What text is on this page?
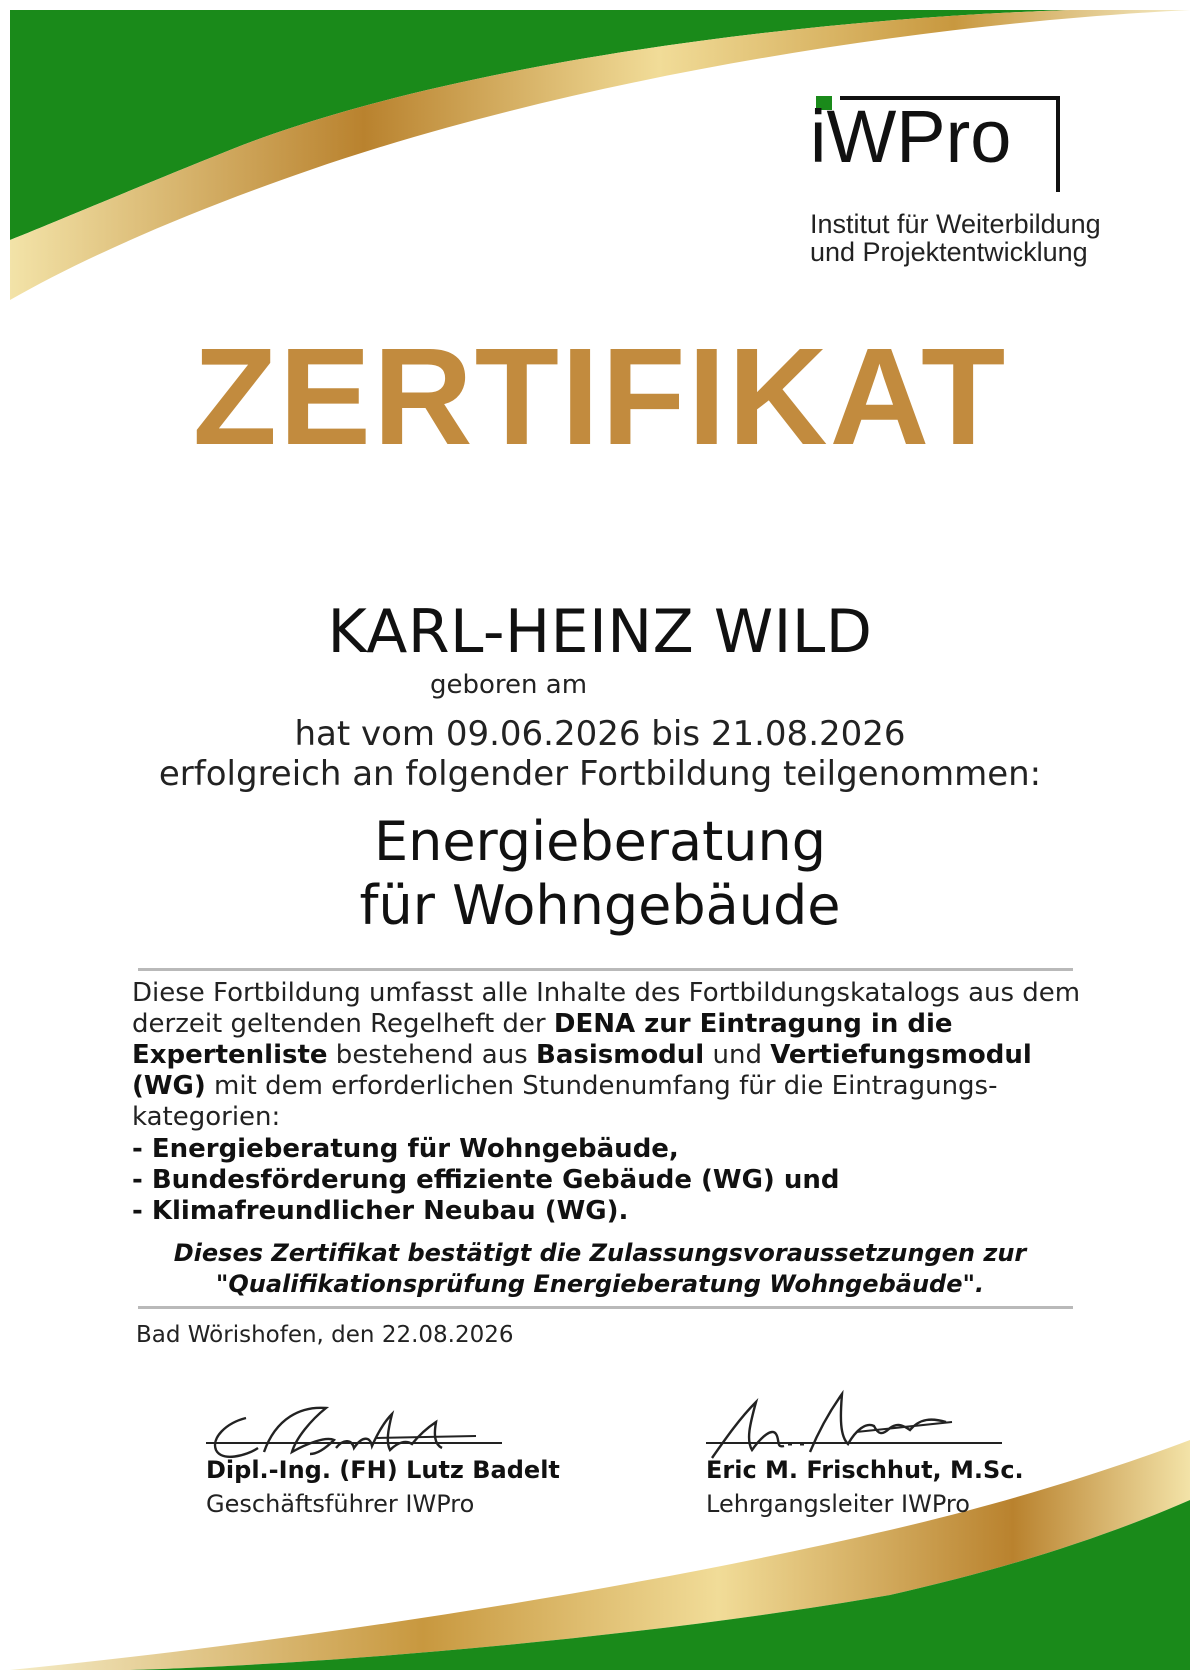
iWPro
Institut für Weiterbildung
und Projektentwicklung
ZERTIFIKAT
KARL-HEINZ WILD
geboren am
hat vom 09.06.2026 bis 21.08.2026
erfolgreich an folgender Fortbildung teilgenommen:
Energieberatung
für Wohngebäude
Diese Fortbildung umfasst alle Inhalte des Fortbildungskatalogs aus dem derzeit geltenden Regelheft der DENA zur Eintragung in die Expertenliste bestehend aus Basismodul und Vertiefungsmodul (WG) mit dem erforderlichen Stundenumfang für die Eintragungs-kategorien:
- Energieberatung für Wohngebäude,
- Bundesförderung effiziente Gebäude (WG) und
- Klimafreundlicher Neubau (WG).
Dieses Zertifikat bestätigt die Zulassungsvoraussetzungen zur
"Qualifikationsprüfung Energieberatung Wohngebäude".
Bad Wörishofen, den 22.08.2026
Dipl.-Ing. (FH) Lutz Badelt
Geschäftsführer IWPro
Eric M. Frischhut, M.Sc.
Lehrgangsleiter IWPro
